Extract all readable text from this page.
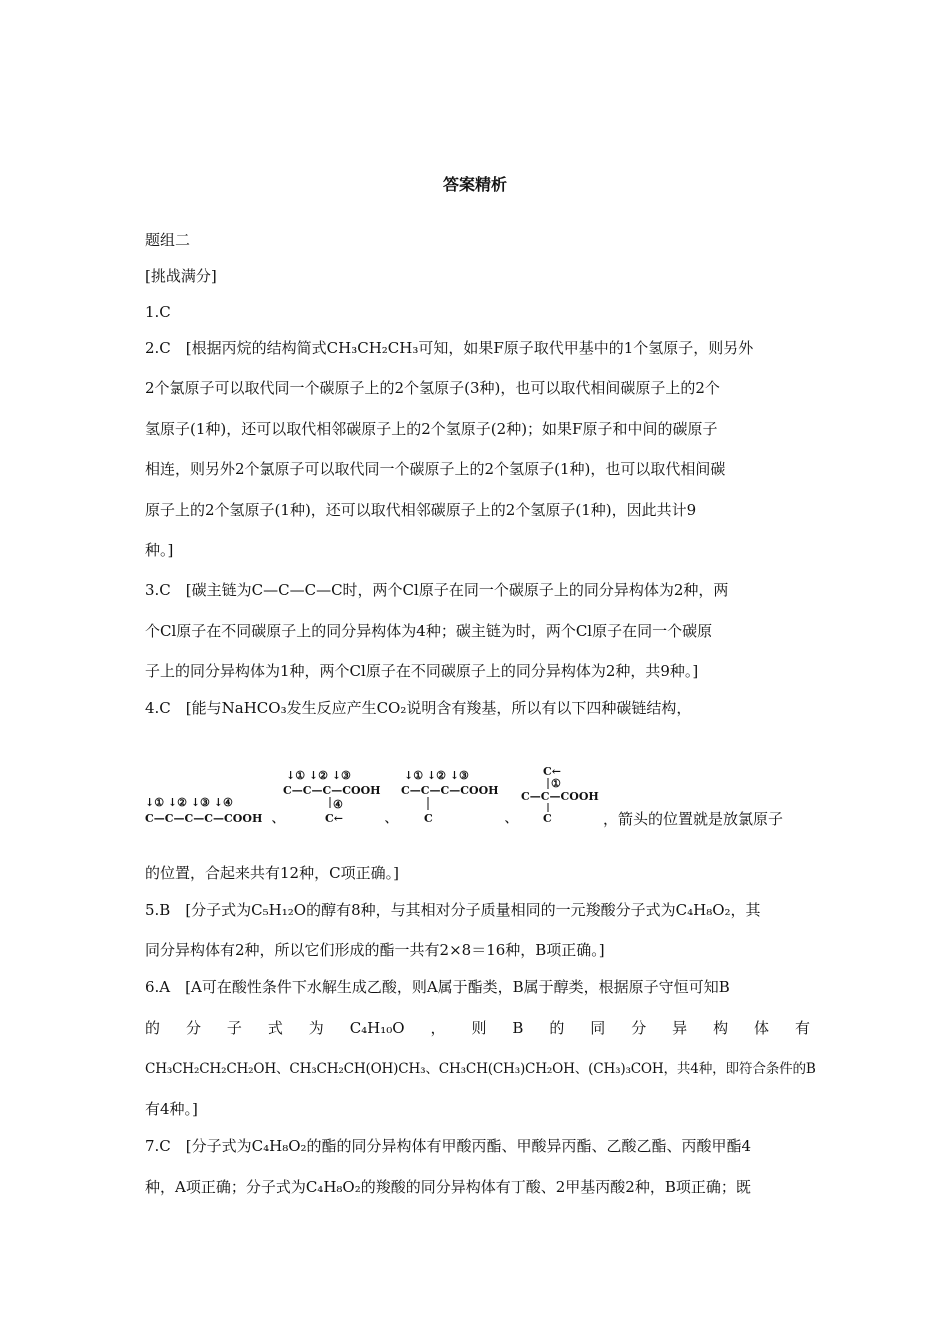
答案精析
题组二
[挑战满分]
1.C
2.C　[根据丙烷的结构简式CH₃CH₂CH₃可知，如果F原子取代甲基中的1个氢原子，则另外
2个氯原子可以取代同一个碳原子上的2个氢原子(3种)，也可以取代相间碳原子上的2个
氢原子(1种)，还可以取代相邻碳原子上的2个氢原子(2种)；如果F原子和中间的碳原子
相连，则另外2个氯原子可以取代同一个碳原子上的2个氢原子(1种)，也可以取代相间碳
原子上的2个氢原子(1种)，还可以取代相邻碳原子上的2个氢原子(1种)，因此共计9
种。]
3.C　[碳主链为C—C—C—C时，两个Cl原子在同一个碳原子上的同分异构体为2种，两
个Cl原子在不同碳原子上的同分异构体为4种；碳主链为时，两个Cl原子在同一个碳原
子上的同分异构体为1种，两个Cl原子在不同碳原子上的同分异构体为2种，共9种。]
4.C　[能与NaHCO₃发生反应产生CO₂说明含有羧基，所以有以下四种碳链结构，
↓① ↓② ↓③ ↓④
C—C—C—C—COOH 、
↓① ↓② ↓③
C—C—C—COOH
④
C←	、
↓① ↓② ↓③
C—C—C—COOH
C	、
C←
①
C—C—COOH
C	，箭头的位置就是放氯原子
的位置，合起来共有12种，C项正确。]
5.B　[分子式为C₅H₁₂O的醇有8种，与其相对分子质量相同的一元羧酸分子式为C₄H₈O₂，其
同分异构体有2种，所以它们形成的酯一共有2×8＝16种，B项正确。]
6.A　[A可在酸性条件下水解生成乙酸，则A属于酯类，B属于醇类，根据原子守恒可知B
的 分 子 式 为 C₄H₁₀O ， 则 B 的 同 分 异 构 体 有
CH₃CH₂CH₂CH₂OH、CH₃CH₂CH(OH)CH₃、CH₃CH(CH₃)CH₂OH、(CH₃)₃COH，共4种，即符合条件的B
有4种。]
7.C　[分子式为C₄H₈O₂的酯的同分异构体有甲酸丙酯、甲酸异丙酯、乙酸乙酯、丙酸甲酯4
种，A项正确；分子式为C₄H₈O₂的羧酸的同分异构体有丁酸、2甲基丙酸2种，B项正确；既
